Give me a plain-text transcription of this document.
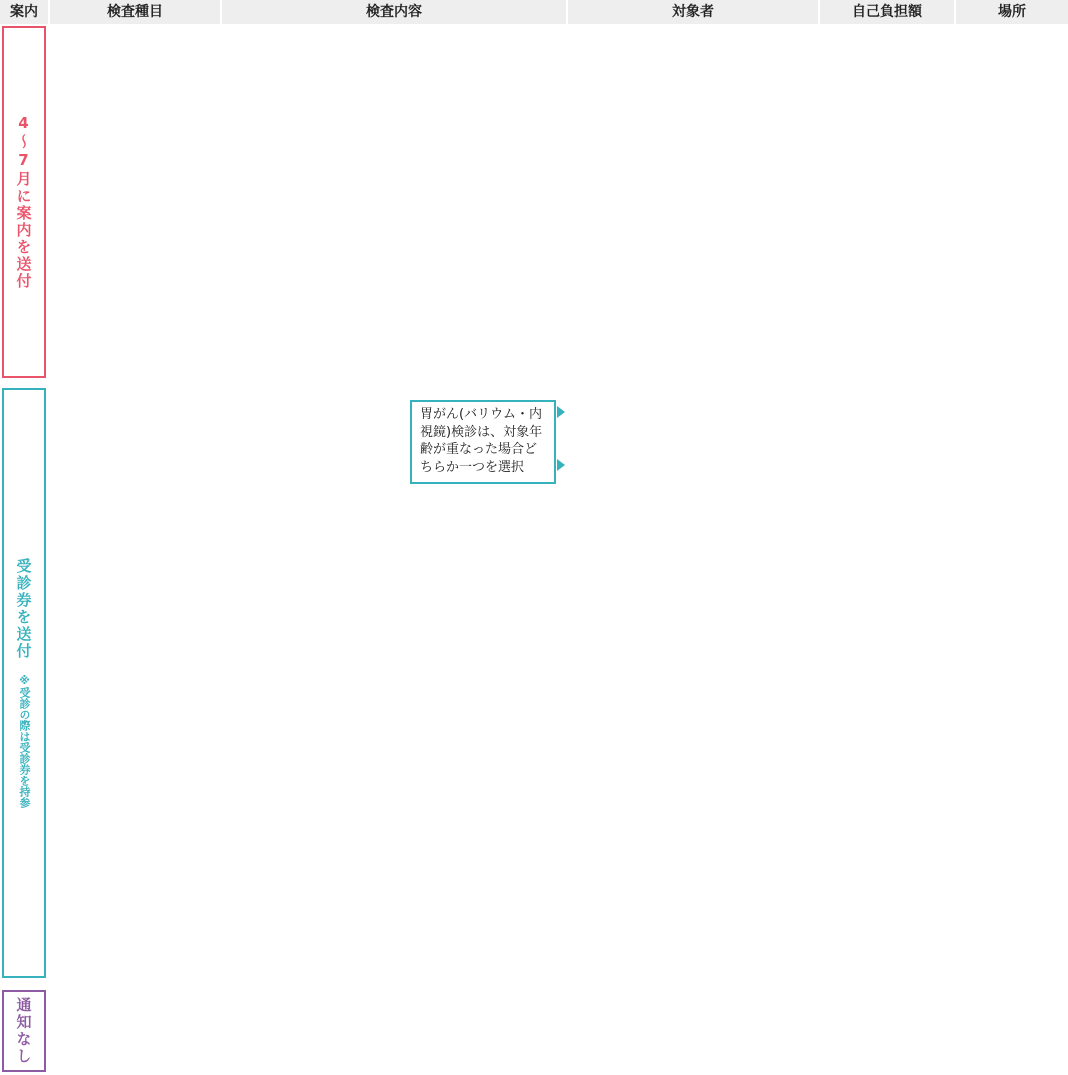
案内	検査種目	検査内容	対象者	自己負担額	場所
4〜7月に案内を送付
受診券を送付
※受診の際は受診券を持参
通知なし
胃がん(バリウム・内視鏡)検診は、対象年齢が重なった場合どちらか一つを選択
